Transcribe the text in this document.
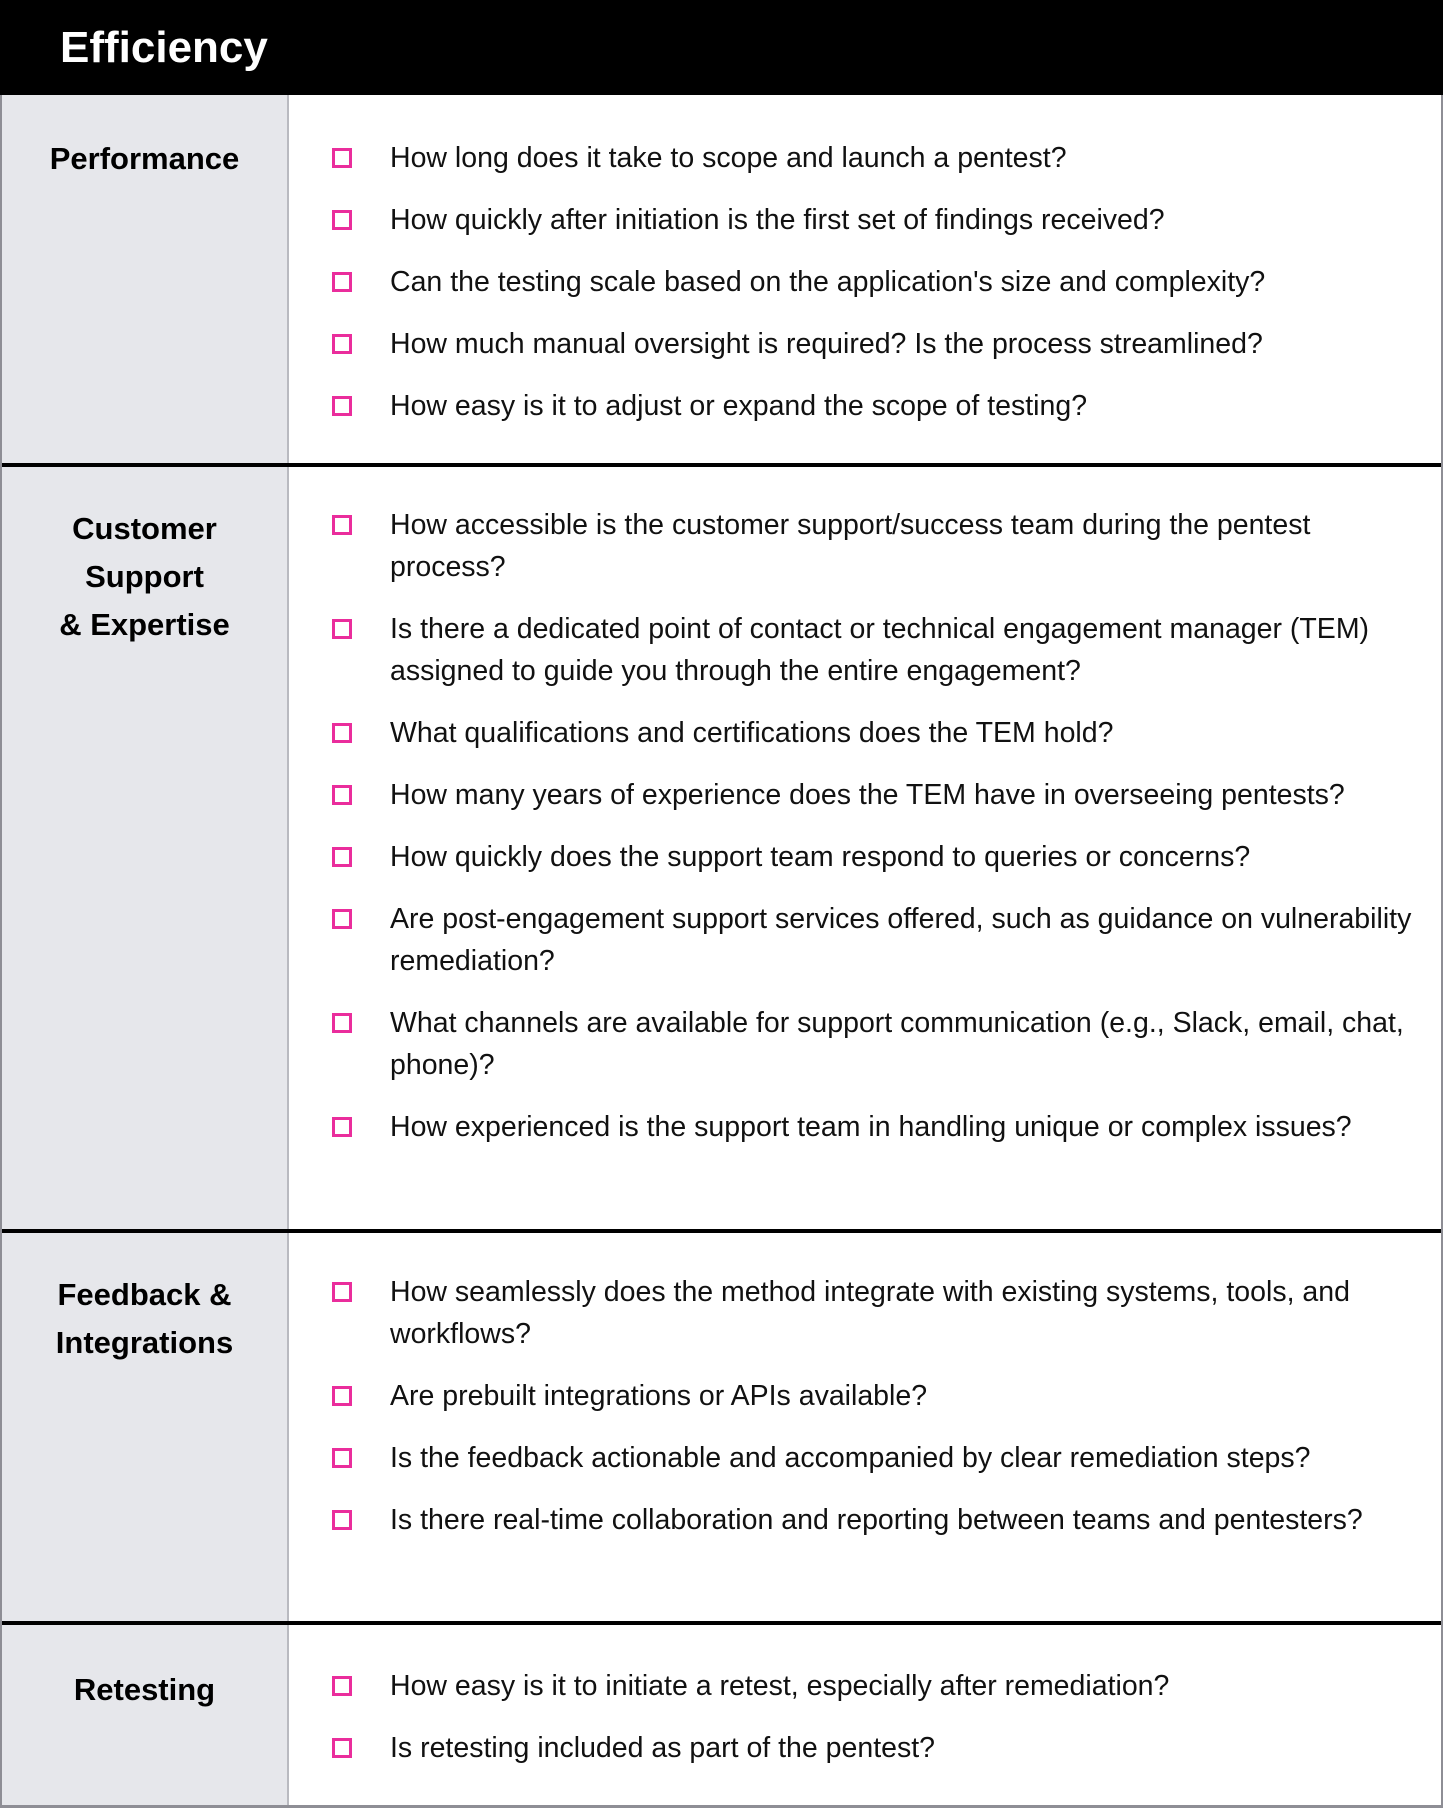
Efficiency
Performance	How long does it take to scope and launch a pentest?
How quickly after initiation is the first set of findings received?
Can the testing scale based on the application's size and complexity?
How much manual oversight is required? Is the process streamlined?
How easy is it to adjust or expand the scope of testing?
Customer
Support
& Expertise
How accessible is the customer support/success team during the pentest process?
Is there a dedicated point of contact or technical engagement manager (TEM) assigned to guide you through the entire engagement?
What qualifications and certifications does the TEM hold?
How many years of experience does the TEM have in overseeing pentests?
How quickly does the support team respond to queries or concerns?
Are post-engagement support services offered, such as guidance on vulnerability remediation?
What channels are available for support communication (e.g., Slack, email, chat, phone)?
How experienced is the support team in handling unique or complex issues?
Feedback &
Integrations
How seamlessly does the method integrate with existing systems, tools, and workflows?
Are prebuilt integrations or APIs available?
Is the feedback actionable and accompanied by clear remediation steps?
Is there real-time collaboration and reporting between teams and pentesters?
Retesting	How easy is it to initiate a retest, especially after remediation?
Is retesting included as part of the pentest?
